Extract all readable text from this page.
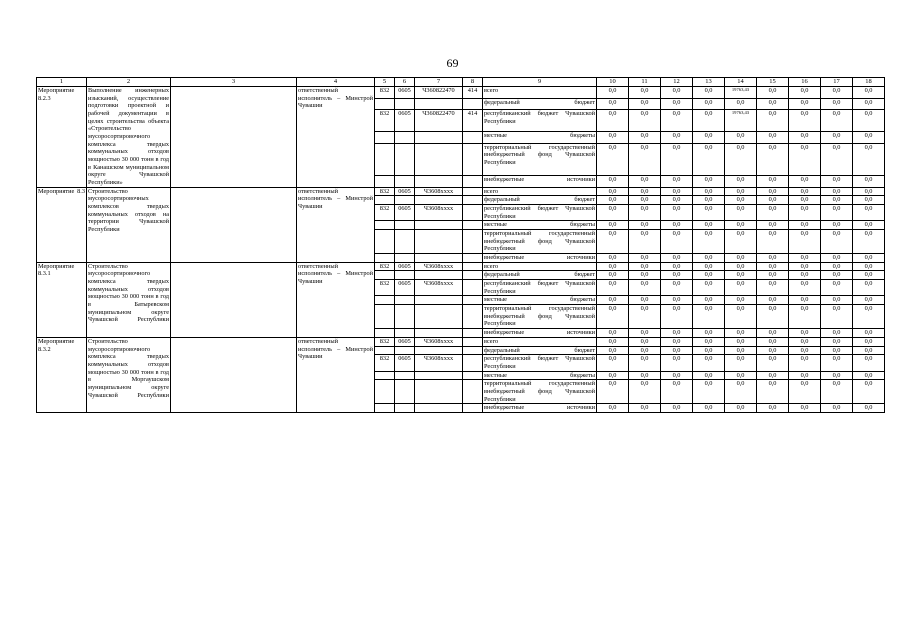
69
1	2	3	4	5	6	7	8	9	10	11	12	13	14	15	16	17	18
Мероприятие 8.2.3	Выполнение инженерных изысканий, осуществление подготовки проектной и рабочей документации в целях строительства объекта «Строительство мусоросортировочного комплекса твердых коммунальных отходов мощностью 30 000 тонн в год в Канашском муниципальном округе Чувашской Республики»		ответственный исполнитель – Минстрой Чувашии	832	0605	Ч360822470	414	всего	0,0	0,0	0,0	0,0	19763,43	0,0	0,0	0,0	0,0
								федеральный бюджет	0,0	0,0	0,0	0,0	0,0	0,0	0,0	0,0	0,0
				832	0605	Ч360822470	414	республиканский бюджет Чувашской Республики	0,0	0,0	0,0	0,0	19763,43	0,0	0,0	0,0	0,0
								местные бюджеты	0,0	0,0	0,0	0,0	0,0	0,0	0,0	0,0	0,0
								территориальный государственный внебюджетный фонд Чувашской Республики	0,0	0,0	0,0	0,0	0,0	0,0	0,0	0,0	0,0
								внебюджетные источники	0,0	0,0	0,0	0,0	0,0	0,0	0,0	0,0	0,0
Мероприятие 8.3	Строительство мусоросортировочных комплексов твердых коммунальных отходов на территории Чувашской Республики		ответственный исполнитель – Минстрой Чувашии	832	0605	Ч3608хххх		всего	0,0	0,0	0,0	0,0	0,0	0,0	0,0	0,0	0,0
								федеральный бюджет	0,0	0,0	0,0	0,0	0,0	0,0	0,0	0,0	0,0
				832	0605	Ч3608хххх		республиканский бюджет Чувашской Республики	0,0	0,0	0,0	0,0	0,0	0,0	0,0	0,0	0,0
								местные бюджеты	0,0	0,0	0,0	0,0	0,0	0,0	0,0	0,0	0,0
								территориальный государственный внебюджетный фонд Чувашской Республики	0,0	0,0	0,0	0,0	0,0	0,0	0,0	0,0	0,0
								внебюджетные источники	0,0	0,0	0,0	0,0	0,0	0,0	0,0	0,0	0,0
Мероприятие 8.3.1	Строительство мусоросортировочного комплекса твердых коммунальных отходов мощностью 30 000 тонн в год в Батыревском муниципальном округе Чувашской Республики		ответственный исполнитель – Минстрой Чувашии	832	0605	Ч3608хххх		всего	0,0	0,0	0,0	0,0	0,0	0,0	0,0	0,0	0,0
								федеральный бюджет	0,0	0,0	0,0	0,0	0,0	0,0	0,0	0,0	0,0
				832	0605	Ч3608хххх		республиканский бюджет Чувашской Республики	0,0	0,0	0,0	0,0	0,0	0,0	0,0	0,0	0,0
								местные бюджеты	0,0	0,0	0,0	0,0	0,0	0,0	0,0	0,0	0,0
								территориальный государственный внебюджетный фонд Чувашской Республики	0,0	0,0	0,0	0,0	0,0	0,0	0,0	0,0	0,0
								внебюджетные источники	0,0	0,0	0,0	0,0	0,0	0,0	0,0	0,0	0,0
Мероприятие 8.3.2	Строительство мусоросортировочного комплекса твердых коммунальных отходов мощностью 30 000 тонн в год в Моргаушском муниципальном округе Чувашской Республики		ответственный исполнитель – Минстрой Чувашии	832	0605	Ч3608хххх		всего	0,0	0,0	0,0	0,0	0,0	0,0	0,0	0,0	0,0
								федеральный бюджет	0,0	0,0	0,0	0,0	0,0	0,0	0,0	0,0	0,0
				832	0605	Ч3608хххх		республиканский бюджет Чувашской Республики	0,0	0,0	0,0	0,0	0,0	0,0	0,0	0,0	0,0
								местные бюджеты	0,0	0,0	0,0	0,0	0,0	0,0	0,0	0,0	0,0
								территориальный государственный внебюджетный фонд Чувашской Республики	0,0	0,0	0,0	0,0	0,0	0,0	0,0	0,0	0,0
								внебюджетные источники	0,0	0,0	0,0	0,0	0,0	0,0	0,0	0,0	0,0
